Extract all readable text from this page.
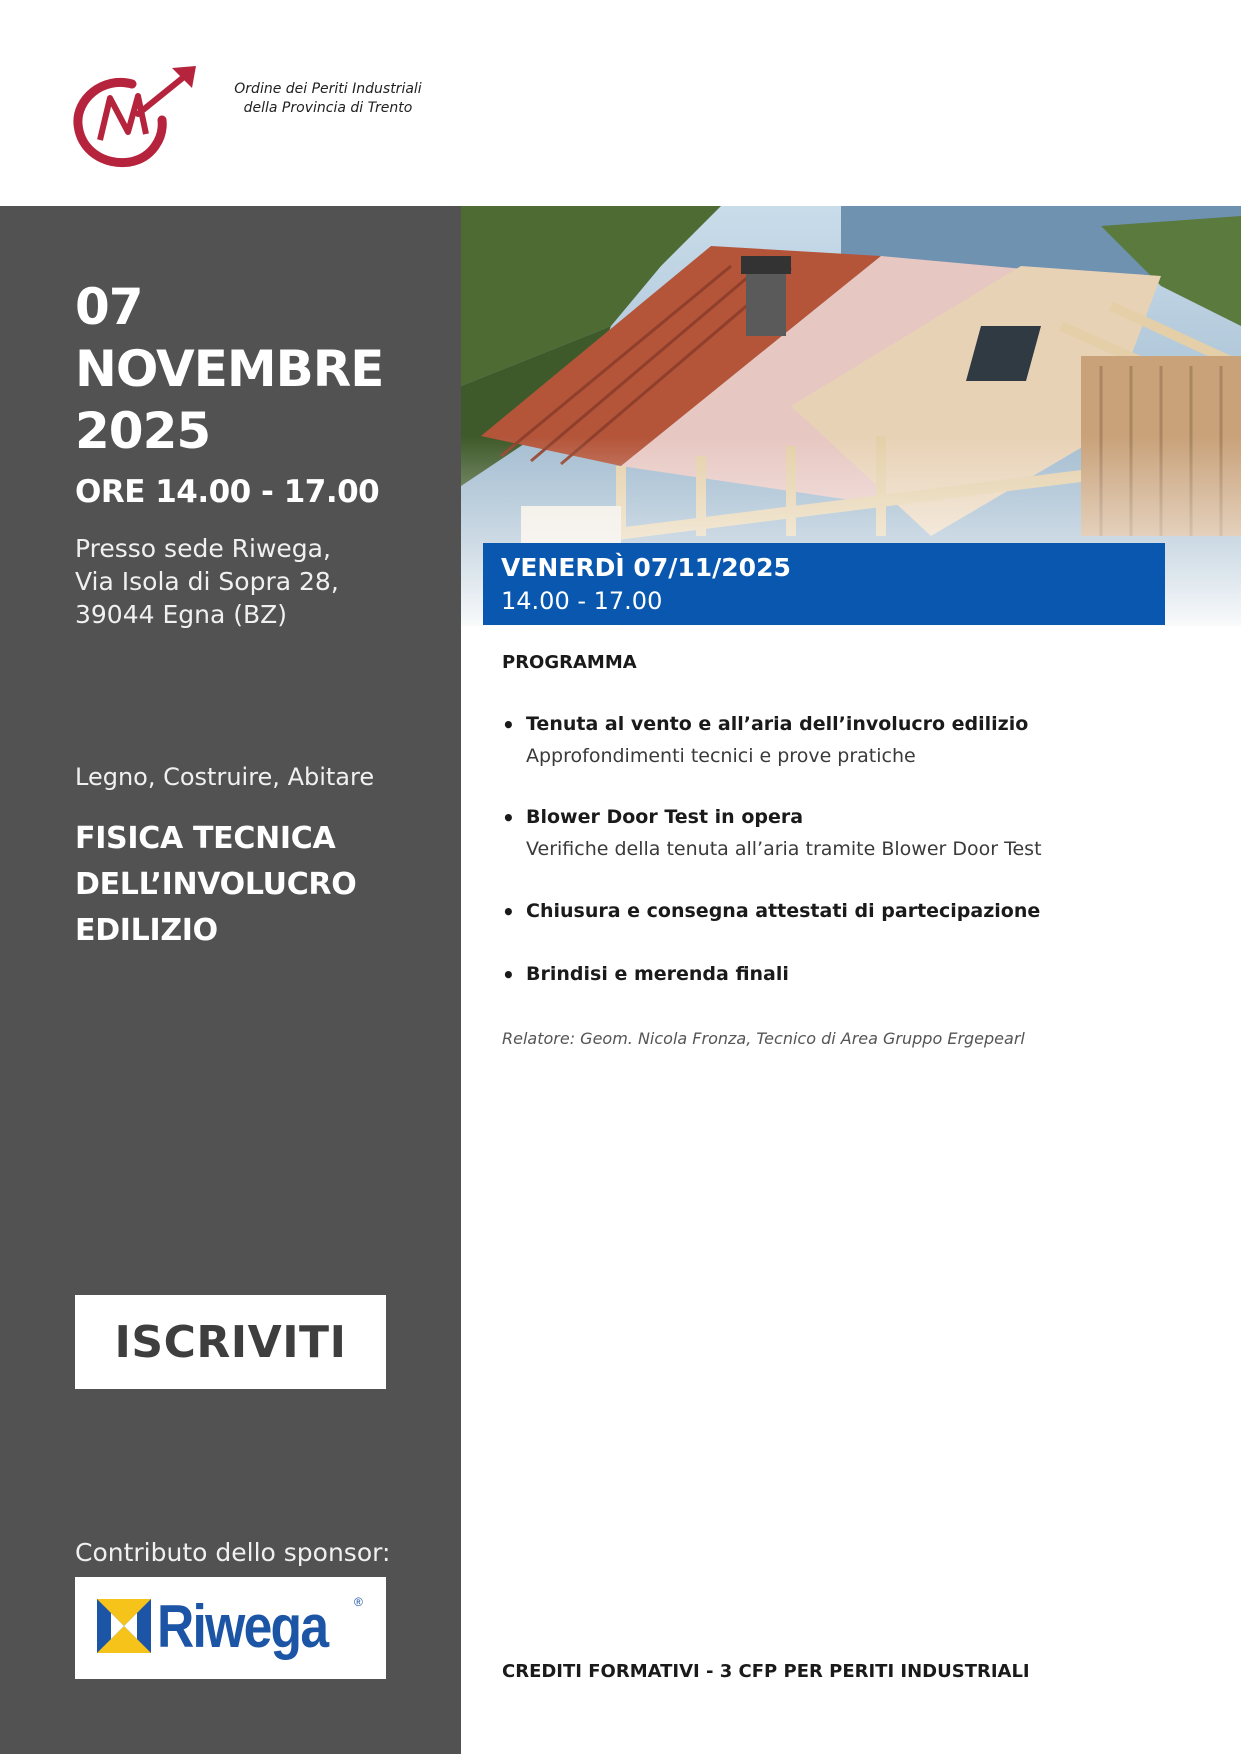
Ordine dei Periti Industriali
della Provincia di Trento
07
NOVEMBRE
2025
ORE 14.00 - 17.00
Presso sede Riwega,
Via Isola di Sopra 28,
39044 Egna (BZ)
Legno, Costruire, Abitare
FISICA TECNICA
DELL’INVOLUCRO
EDILIZIO
ISCRIVITI
Contributo dello sponsor:
Riwega ®
VENERDÌ 07/11/2025
14.00 - 17.00
PROGRAMMA
• Tenuta al vento e all’aria dell’involucro edilizio
Approfondimenti tecnici e prove pratiche
• Blower Door Test in opera
Verifiche della tenuta all’aria tramite Blower Door Test
• Chiusura e consegna attestati di partecipazione
• Brindisi e merenda finali
Relatore: Geom. Nicola Fronza, Tecnico di Area Gruppo Ergepearl
CREDITI FORMATIVI - 3 CFP PER PERITI INDUSTRIALI
